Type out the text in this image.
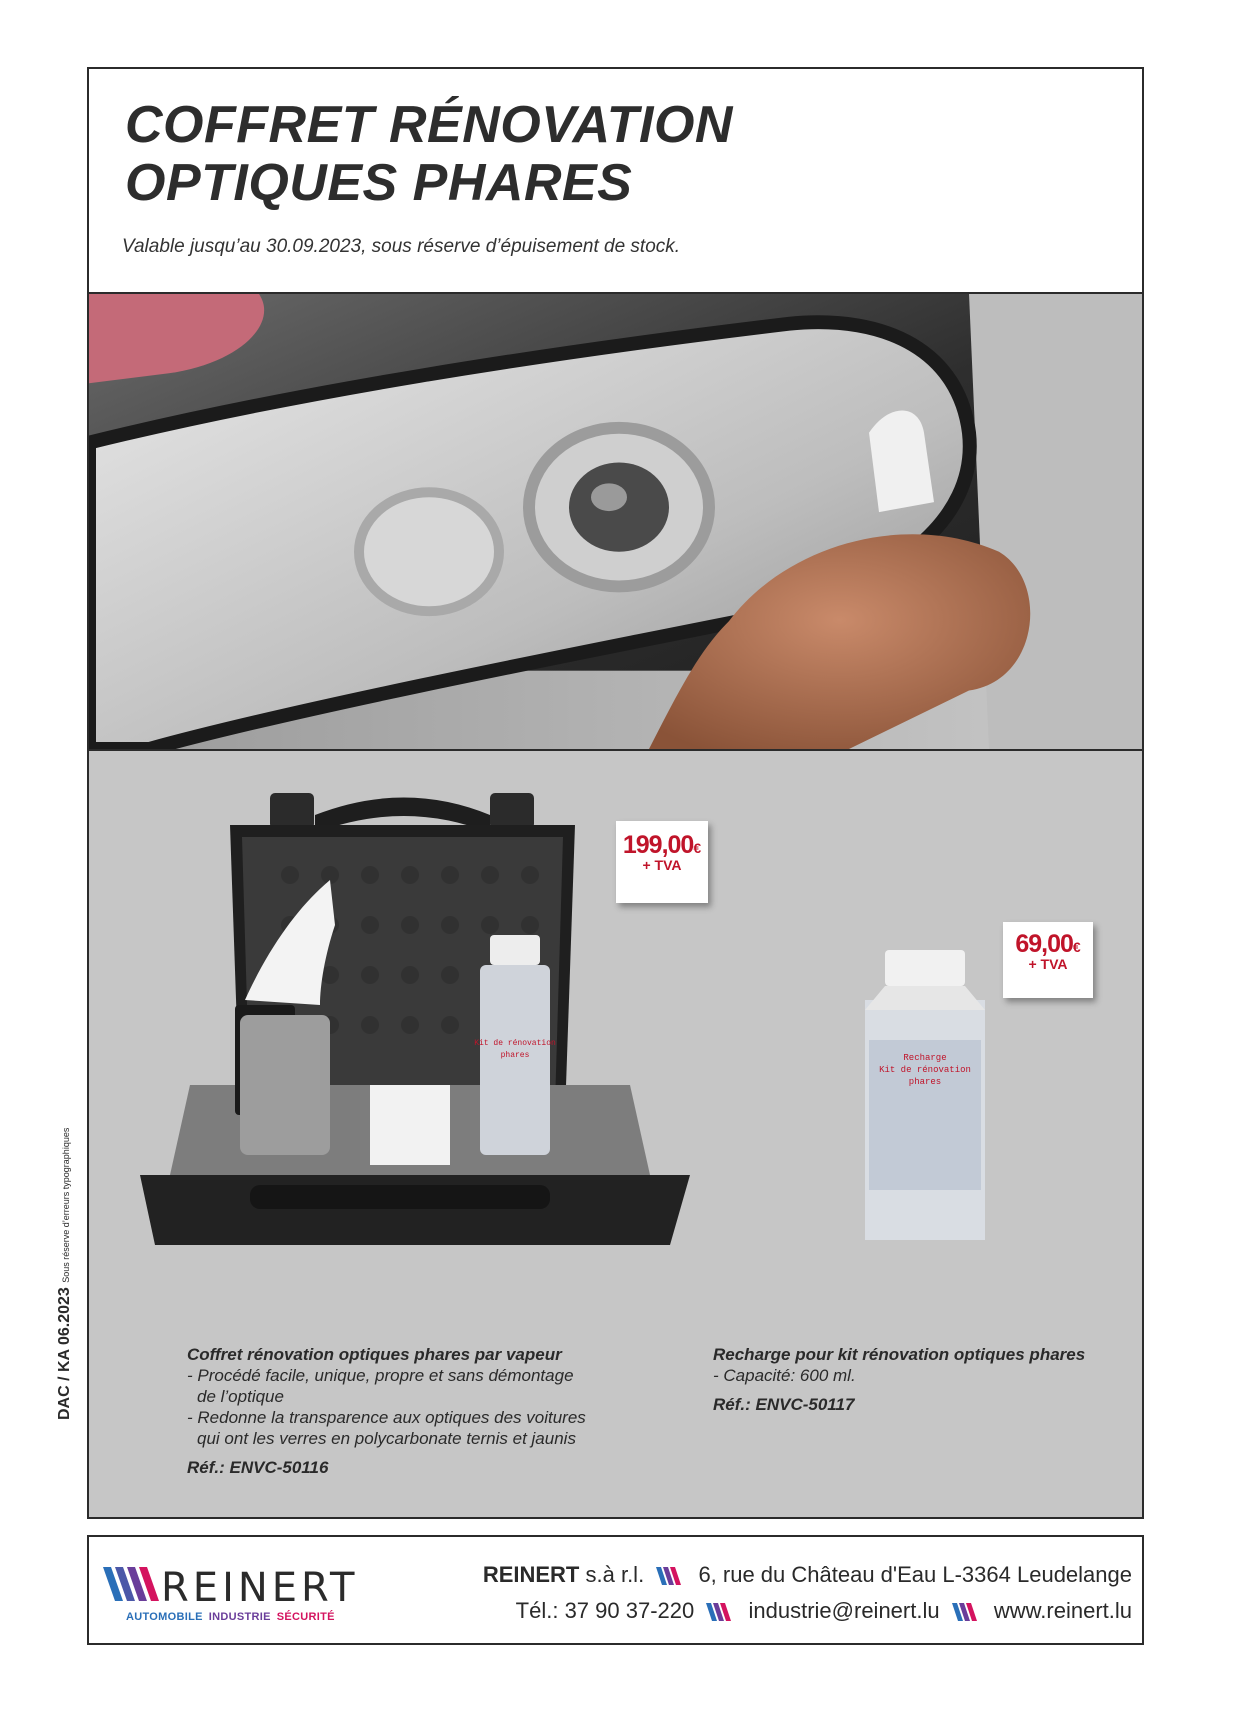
COFFRET RÉNOVATION
OPTIQUES PHARES
Valable jusqu’au 30.09.2023, sous réserve d’épuisement de stock.
Kit de rénovation
phares	Recharge
Kit de rénovation
phares
199,00€
+ TVA
69,00€
+ TVA
Coffret rénovation optiques phares par vapeur
- Procédé facile, unique, propre et sans démontage
de l’optique
- Redonne la transparence aux optiques des voitures
qui ont les verres en polycarbonate ternis et jaunis
Réf.: ENVC-50116
Recharge pour kit rénovation optiques phares
- Capacité: 600 ml.
Réf.: ENVC-50117
DAC / KA 06.2023 Sous réserve d’erreurs typographiques
REINERT
AUTOMOBILE INDUSTRIE SÉCURITÉ
REINERT s.à r.l. 6, rue du Château d'Eau L-3364 Leudelange
Tél.: 37 90 37-220 industrie@reinert.lu www.reinert.lu
